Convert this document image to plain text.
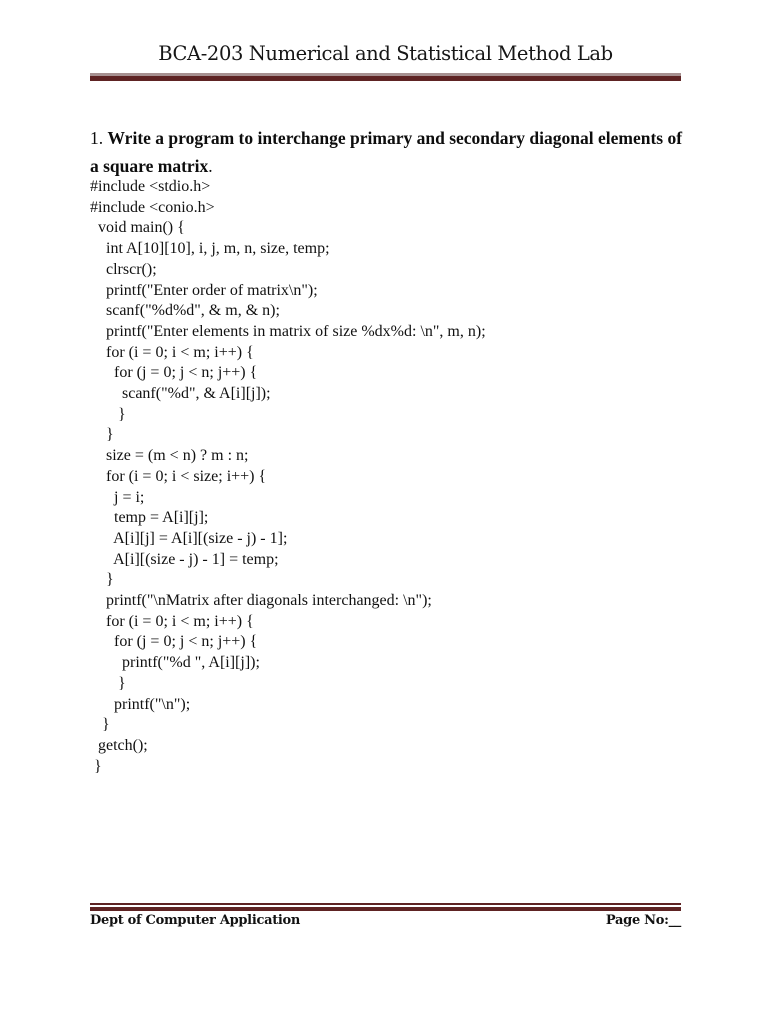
BCA-203 Numerical and Statistical Method Lab

1. Write a program to interchange primary and secondary diagonal elements of a square matrix.

#include <stdio.h>
#include <conio.h>
void main() {
int A[10][10], i, j, m, n, size, temp;
clrscr();
printf("Enter order of matrix\n");
scanf("%d%d", & m, & n);
printf("Enter elements in matrix of size %dx%d: \n", m, n);
for (i = 0; i < m; i++) {
for (j = 0; j < n; j++) {
scanf("%d", & A[i][j]);
}
}
size = (m < n) ? m : n;
for (i = 0; i < size; i++) {
j = i;
temp = A[i][j];
A[i][j] = A[i][(size - j) - 1];
A[i][(size - j) - 1] = temp;
}
printf("\nMatrix after diagonals interchanged: \n");
for (i = 0; i < m; i++) {
for (j = 0; j < n; j++) {
printf("%d ", A[i][j]);
}
printf("\n");
}
getch();
}
Dept of Computer Application	Page No:__
